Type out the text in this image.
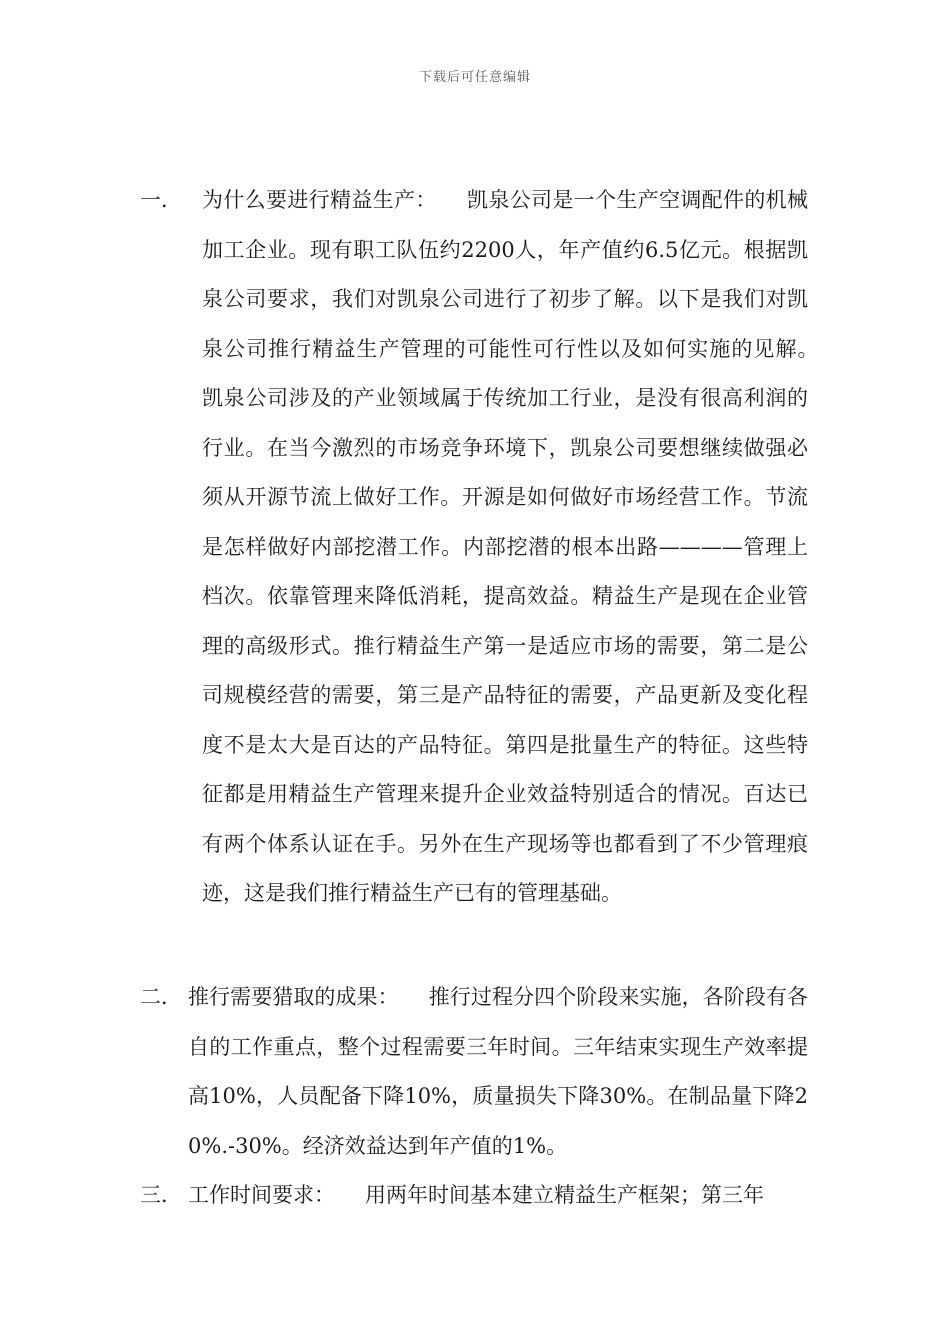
下载后可任意编辑
一． 为什么要进行精益生产： 凯泉公司是一个生产空调配件的机械加工企业。现有职工队伍约2200人，年产值约6.5亿元。根据凯泉公司要求，我们对凯泉公司进行了初步了解。以下是我们对凯泉公司推行精益生产管理的可能性可行性以及如何实施的见解。　凯泉公司涉及的产业领域属于传统加工行业，是没有很高利润的行业。在当今激烈的市场竞争环境下，凯泉公司要想继续做强必须从开源节流上做好工作。开源是如何做好市场经营工作。节流是怎样做好内部挖潜工作。内部挖潜的根本出路————管理上档次。依靠管理来降低消耗，提高效益。精益生产是现在企业管理的高级形式。推行精益生产第一是适应市场的需要，第二是公司规模经营的需要，第三是产品特征的需要，产品更新及变化程度不是太大是百达的产品特征。第四是批量生产的特征。这些特征都是用精益生产管理来提升企业效益特别适合的情况。百达已有两个体系认证在手。另外在生产现场等也都看到了不少管理痕迹，这是我们推行精益生产已有的管理基础。
二． 推行需要猎取的成果： 推行过程分四个阶段来实施，各阶段有各自的工作重点，整个过程需要三年时间。三年结束实现生产效率提高10%，人员配备下降10%，质量损失下降30%。在制品量下降20%.-30%。经济效益达到年产值的1%。
三． 工作时间要求： 用两年时间基本建立精益生产框架；第三年
